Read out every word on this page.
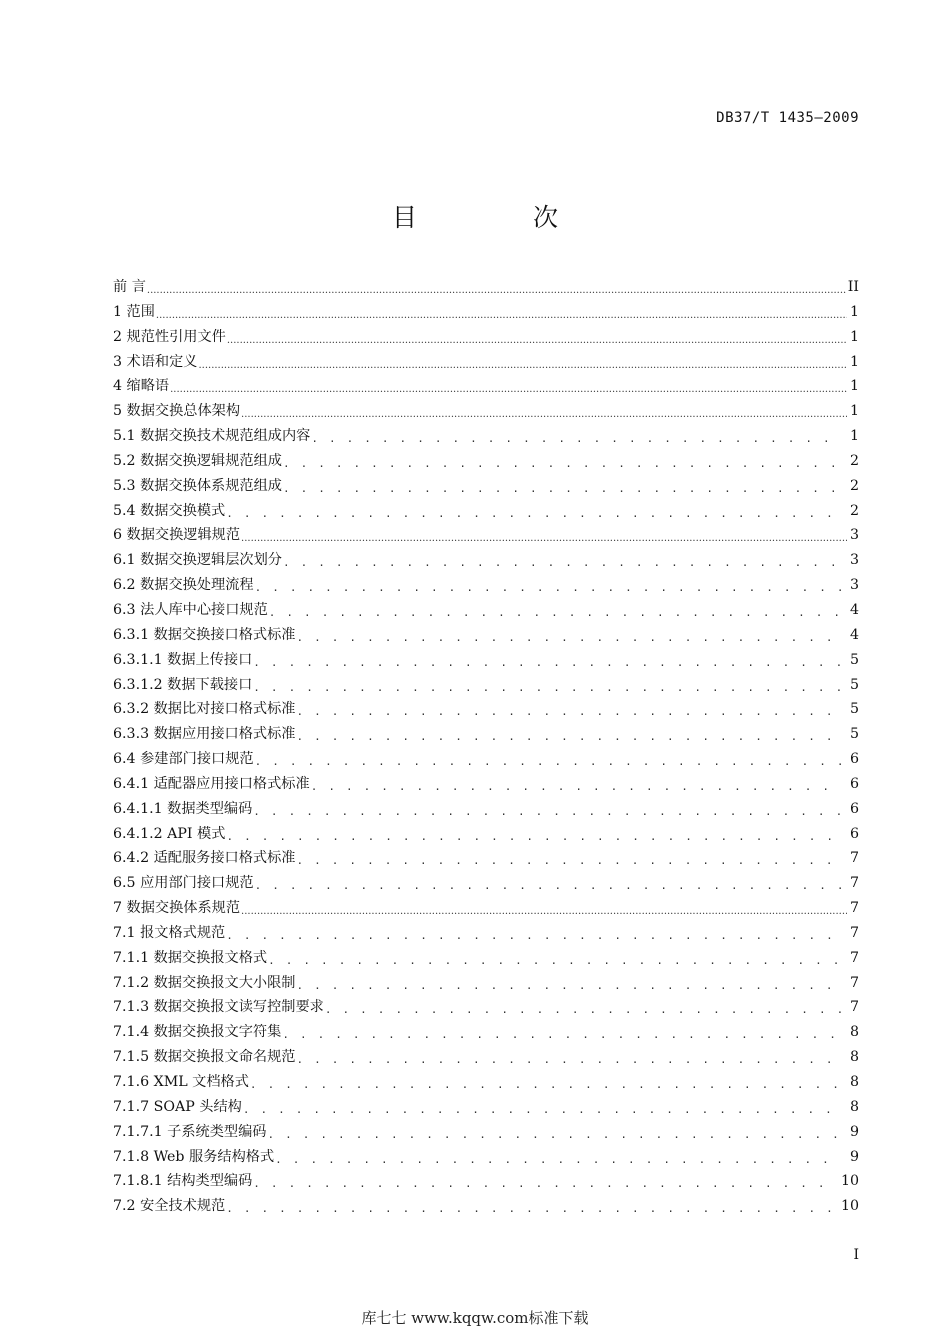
DB37/T 1435—2009
目 次
前 言 .....	II
1 范围 .....	1
2 规范性引用文件 .....	1
3 术语和定义 .....	1
4 缩略语 .....	1
5 数据交换总体架构 .....	1
5.1 数据交换技术规范组成内容 . . .	1
5.2 数据交换逻辑规范组成 . . .	2
5.3 数据交换体系规范组成 . . .	2
5.4 数据交换模式 . . .	2
6 数据交换逻辑规范 .....	3
6.1 数据交换逻辑层次划分 . . .	3
6.2 数据交换处理流程 . . .	3
6.3 法人库中心接口规范 . . .	4
6.3.1 数据交换接口格式标准 . . .	4
6.3.1.1 数据上传接口 . . .	5
6.3.1.2 数据下载接口 . . .	5
6.3.2 数据比对接口格式标准 . . .	5
6.3.3 数据应用接口格式标准 . . .	5
6.4 参建部门接口规范 . . .	6
6.4.1 适配器应用接口格式标准 . . .	6
6.4.1.1 数据类型编码 . . .	6
6.4.1.2 API 模式 . . .	6
6.4.2 适配服务接口格式标准 . . .	7
6.5 应用部门接口规范 . . .	7
7 数据交换体系规范 .....	7
7.1 报文格式规范 . . .	7
7.1.1 数据交换报文格式 . . .	7
7.1.2 数据交换报文大小限制 . . .	7
7.1.3 数据交换报文读写控制要求 . . .	7
7.1.4 数据交换报文字符集 . . .	8
7.1.5 数据交换报文命名规范 . . .	8
7.1.6 XML 文档格式 . . .	8
7.1.7 SOAP 头结构 . . .	8
7.1.7.1 子系统类型编码 . . .	9
7.1.8 Web 服务结构格式 . . .	9
7.1.8.1 结构类型编码 . . .	10
7.2 安全技术规范 . . .	10
I
库七七 www.kqqw.com标准下载
